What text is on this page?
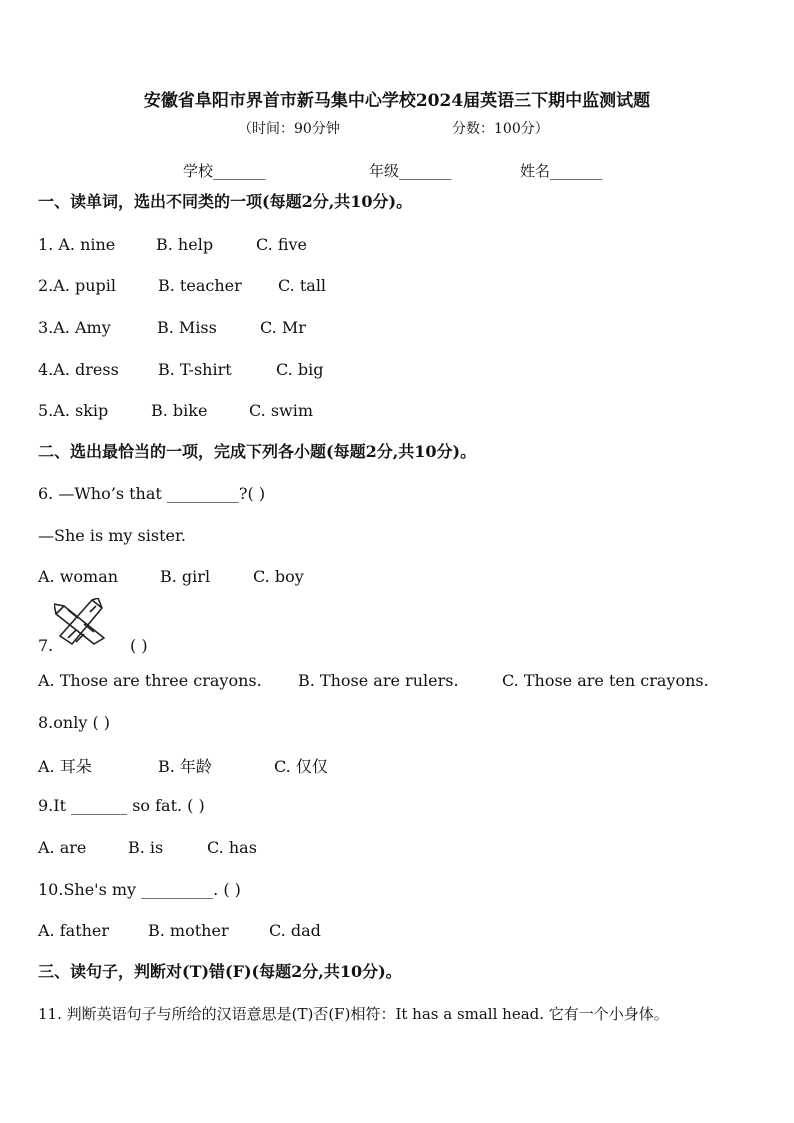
安徽省阜阳市界首市新马集中心学校2024届英语三下期中监测试题
（时间：90分钟	分数：100分）
学校_______	年级_______	姓名_______
一、读单词，选出不同类的一项(每题2分,共10分)。
1. A. nine	B. help	C. five
2.A. pupil	B. teacher C. tall
3.A. Amy	B. Miss	C. Mr
4.A. dress B. T-shirt	C. big
5.A. skip	B. bike	C. swim
二、选出最恰当的一项，完成下列各小题(每题2分,共10分)。
6. —Who’s that _________?( )
—She is my sister.
A. woman	B. girl	C. boy
7.	( )
A. Those are three crayons. B. Those are rulers.	C. Those are ten crayons.
8.only ( )
A. 耳朵	B. 年龄	C. 仅仅
9.It _______ so fat. ( )
A. are	B. is	C. has
10.She's my _________. ( )
A. father B. mother	C. dad
三、读句子，判断对(T)错(F)(每题2分,共10分)。
11. 判断英语句子与所给的汉语意思是(T)否(F)相符：It has a small head. 它有一个小身体。
